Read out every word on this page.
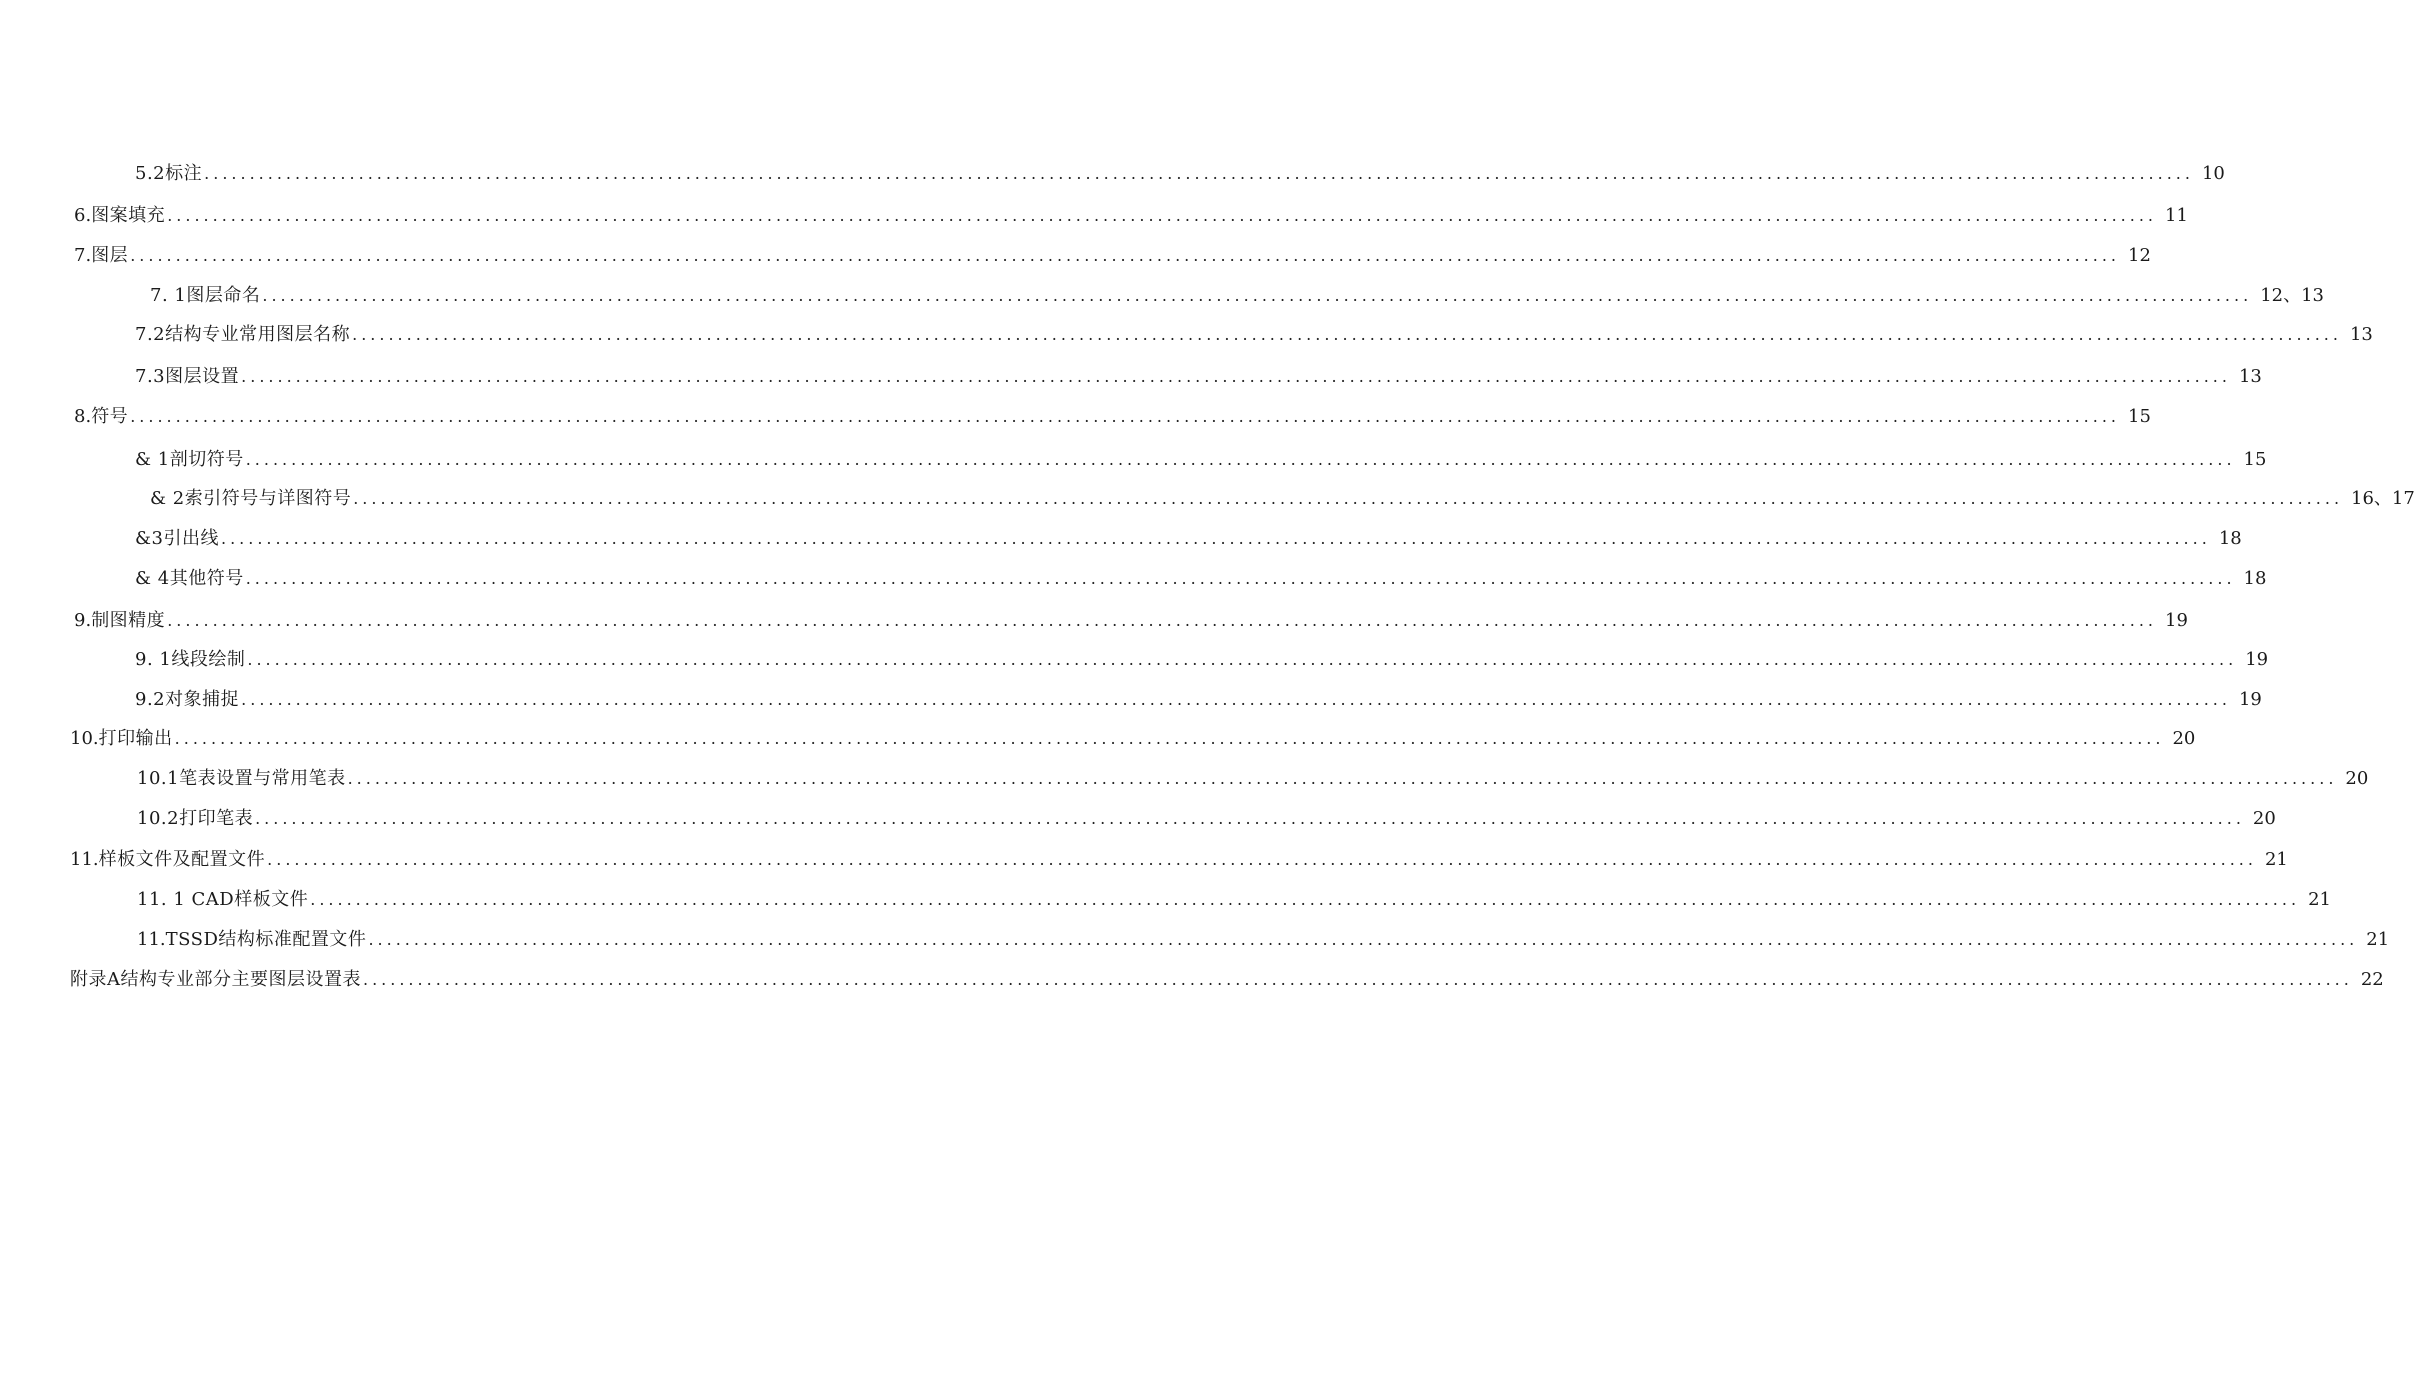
5.2标注 ........................................................................................................................................................................................................................... 10
6. 图案填充 ........................................................................................................................................................................................................................... 11
7. 图层 ........................................................................................................................................................................................................................... 12
7. 1图层命名 ........................................................................................................................................................................................................................... 12、13
7.2结构专业常用图层名称 ........................................................................................................................................................................................................................... 13
7.3图层设置 ........................................................................................................................................................................................................................... 13
8. 符号 ........................................................................................................................................................................................................................... 15
& 1剖切符号 ........................................................................................................................................................................................................................... 15
& 2索引符号与详图符号 ........................................................................................................................................................................................................................... 16、17
&3引出线 ........................................................................................................................................................................................................................... 18
& 4其他符号 ........................................................................................................................................................................................................................... 18
9. 制图精度 ........................................................................................................................................................................................................................... 19
9. 1线段绘制 ........................................................................................................................................................................................................................... 19
9.2对象捕捉 ........................................................................................................................................................................................................................... 19
10. 打印输出 ........................................................................................................................................................................................................................... 20
10.1笔表设置与常用笔表 ........................................................................................................................................................................................................................... 20
10.2打印笔表 ........................................................................................................................................................................................................................... 20
11. 样板文件及配置文件 ........................................................................................................................................................................................................................... 21
11. 1 CAD样板文件 ........................................................................................................................................................................................................................... 21
11. TSSD结构标准配置文件 ........................................................................................................................................................................................................................... 21
附录A结构专业部分主要图层设置表 ........................................................................................................................................................................................................................... 22
